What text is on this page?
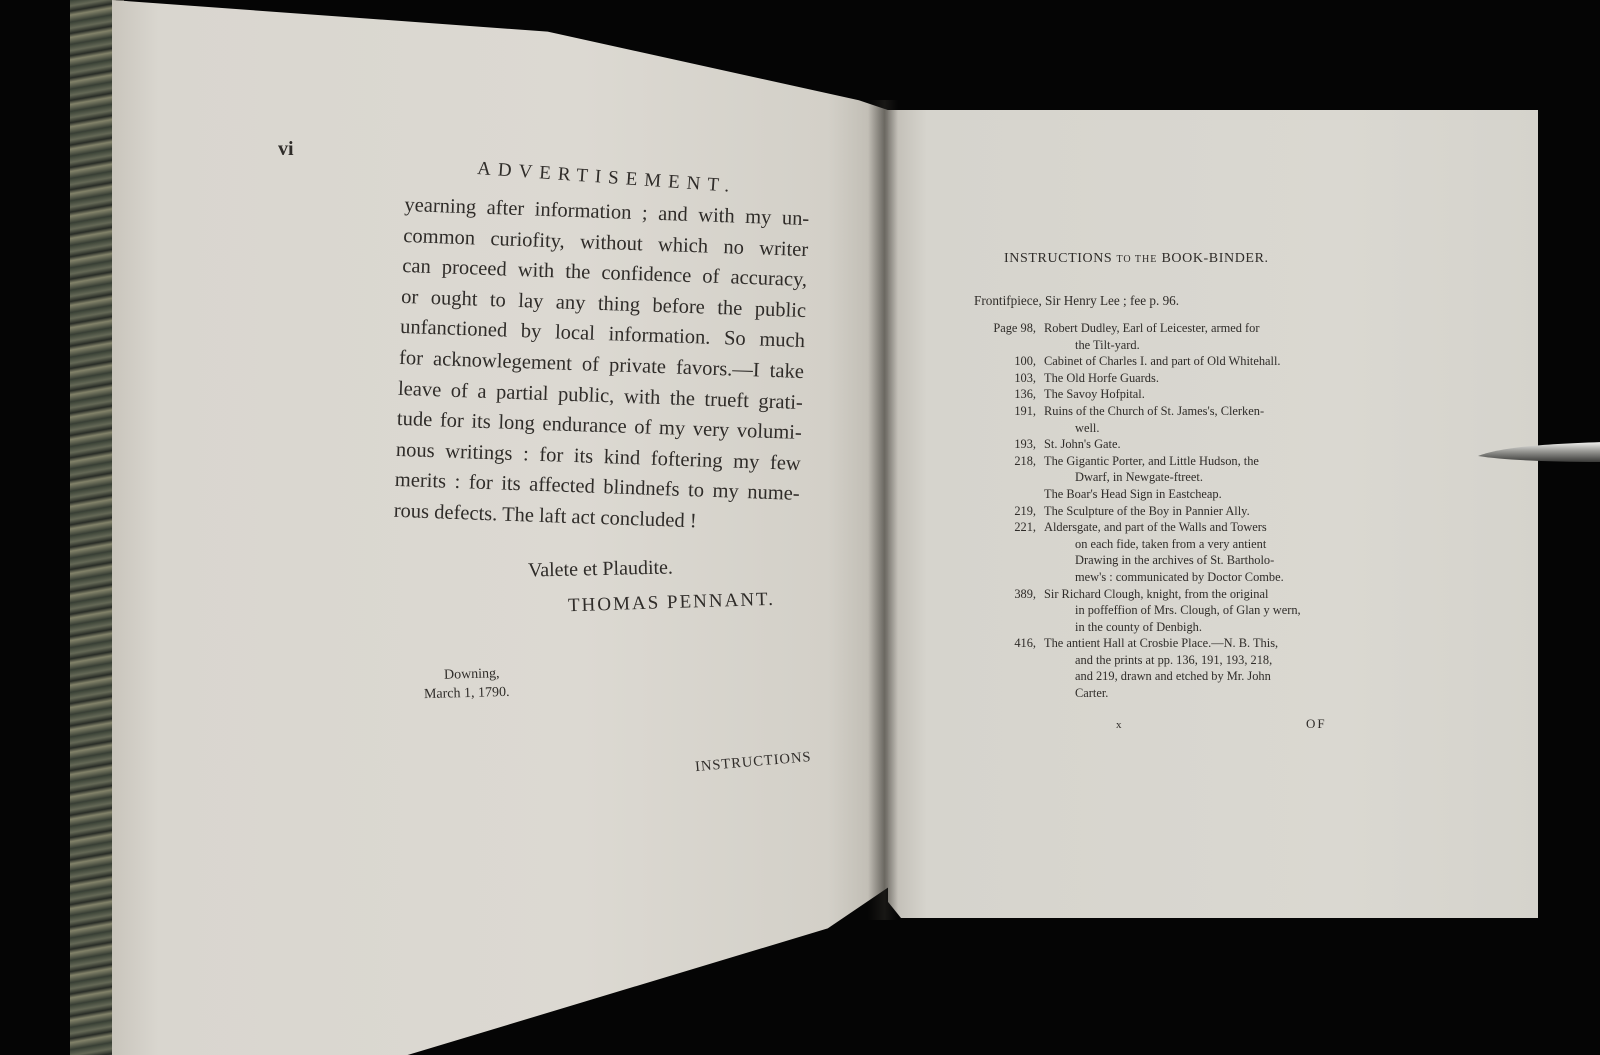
vi
ADVERTISEMENT.
yearning after information ; and with my un-
common curiofity, without which no writer
can proceed with the confidence of accuracy,
or ought to lay any thing before the public
unfanctioned by local information. So much
for acknowlegement of private favors.—I take
leave of a partial public, with the trueft grati-
tude for its long endurance of my very volumi-
nous writings : for its kind foftering my few
merits : for its affected blindnefs to my nume-
rous defects. The laft act concluded !
Valete et Plaudite.
THOMAS PENNANT.
Downing,
March 1, 1790.
INSTRUCTIONS
INSTRUCTIONS TO THE BOOK-BINDER.
Frontifpiece, Sir Henry Lee ; fee p. 96.
Page 98, Robert Dudley, Earl of Leicester, armed for
the Tilt-yard.
100, Cabinet of Charles I. and part of Old Whitehall.
103, The Old Horfe Guards.
136, The Savoy Hofpital.
191, Ruins of the Church of St. James's, Clerken-
well.
193, St. John's Gate.
218, The Gigantic Porter, and Little Hudson, the
Dwarf, in Newgate-ftreet.
The Boar's Head Sign in Eastcheap.
219, The Sculpture of the Boy in Pannier Ally.
221, Aldersgate, and part of the Walls and Towers
on each fide, taken from a very antient
Drawing in the archives of St. Bartholo-
mew's : communicated by Doctor Combe.
389, Sir Richard Clough, knight, from the original
in poffeffion of Mrs. Clough, of Glan y wern,
in the county of Denbigh.
416, The antient Hall at Crosbie Place.—N. B. This,
and the prints at pp. 136, 191, 193, 218,
and 219, drawn and etched by Mr. John
Carter.
x	OF
